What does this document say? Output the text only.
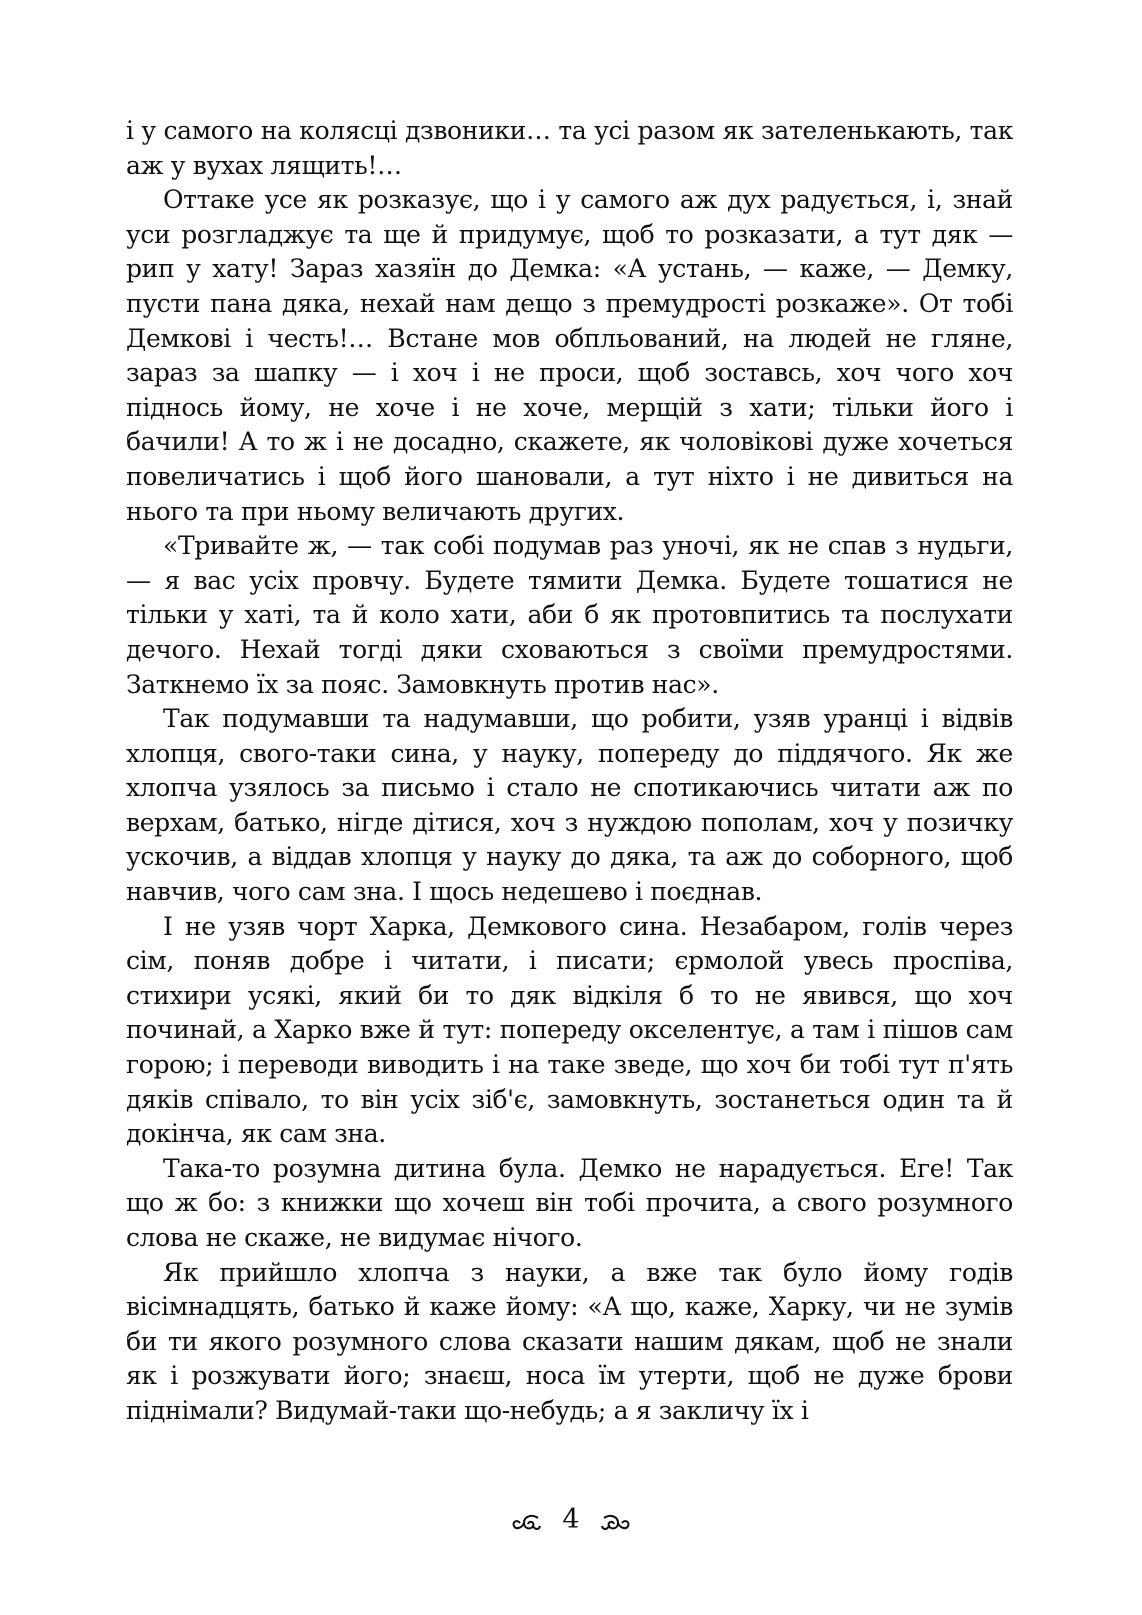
і у самого на колясці дзвоники… та усі разом як зателенькають, так аж у вухах лящить!…

Оттаке усе як розказує, що і у самого аж дух радується, і, знай уси розгладжує та ще й придумує, щоб то розказати, а тут дяк — рип у хату! Зараз хазяїн до Демка: «А устань, — каже, — Демку, пусти пана дяка, нехай нам дещо з премудрості розкаже». От тобі Демкові і честь!… Встане мов обпльований, на людей не гляне, зараз за шапку — і хоч і не проси, щоб зоставсь, хоч чого хоч піднось йому, не хоче і не хоче, мерщій з хати; тільки його і бачили! А то ж і не досадно, скажете, як чоловікові дуже хочеться повеличатись і щоб його шановали, а тут ніхто і не дивиться на нього та при ньому величають других.

«Тривайте ж, — так собі подумав раз уночі, як не спав з нудьги, — я вас усіх провчу. Будете тямити Демка. Будете тошатися не тільки у хаті, та й коло хати, аби б як протовпитись та послухати дечого. Нехай тогді дяки сховаються з своїми премудростями. Заткнемо їх за пояс. Замовкнуть против нас».

Так подумавши та надумавши, що робити, узяв уранці і відвів хлопця, свого-таки сина, у науку, попереду до піддячого. Як же хлопча узялось за письмо і стало не спотикаючись читати аж по верхам, батько, нігде дітися, хоч з нуждою пополам, хоч у позичку ускочив, а віддав хлопця у науку до дяка, та аж до соборного, щоб навчив, чого сам зна. І щось недешево і поєднав.

І не узяв чорт Харка, Демкового сина. Незабаром, голів через сім, поняв добре і читати, і писати; єрмолой увесь проспіва, стихири усякі, який би то дяк відкіля б то не явився, що хоч починай, а Харко вже й тут: попереду окселентує, а там і пішов сам горою; і переводи виводить і на таке зведе, що хоч би тобі тут п'ять дяків співало, то він усіх зіб'є, замовкнуть, зостанеться один та й докінча, як сам зна.

Така-то розумна дитина була. Демко не нарадується. Еге! Так що ж бо: з книжки що хочеш він тобі прочита, а свого розумного слова не скаже, не видумає нічого.

Як прийшло хлопча з науки, а вже так було йому годів вісімнадцять, батько й каже йому: «А що, каже, Харку, чи не зумів би ти якого розумного слова сказати нашим дякам, щоб не знали як і розжувати його; знаєш, носа їм утерти, щоб не дуже брови піднімали? Видумай-таки що-небудь; а я закличу їх і

4
